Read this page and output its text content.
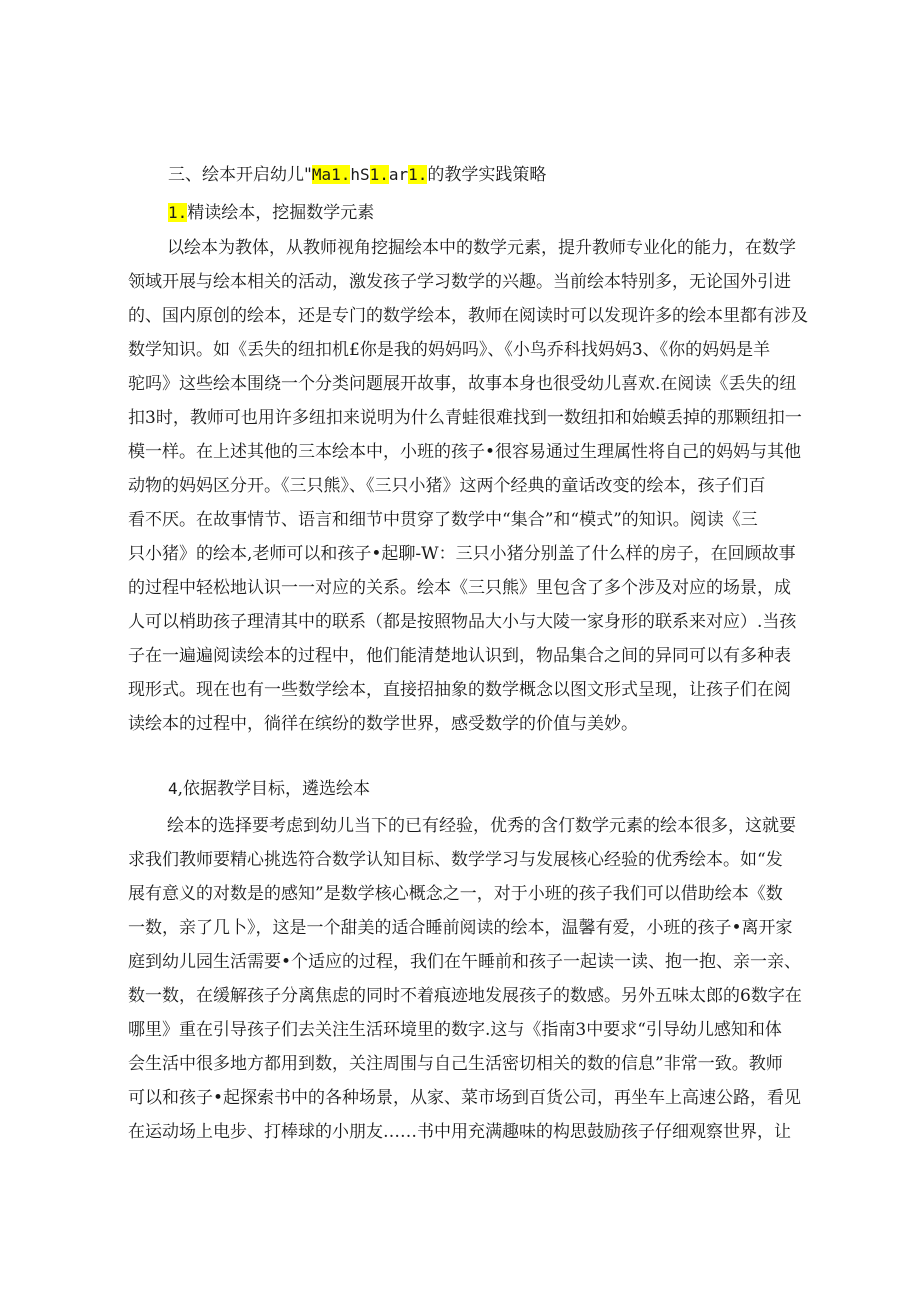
三、绘本开启幼儿"Ma1.hS1.ar1.的教学实践策略
1.精读绘本，挖掘数学元素
以绘本为教体，从教师视角挖掘绘本中的数学元素，提升教师专业化的能力，在数学
领域开展与绘本相关的活动，激发孩子学习数学的兴趣。当前绘本特别多，无论国外引进
的、国内原创的绘本，还是专门的数学绘本，教师在阅读时可以发现许多的绘本里都有涉及
数学知识。如《丢失的纽扣机£你是我的妈妈吗》、《小鸟乔科找妈妈3、《你的妈妈是羊
驼吗》这些绘本围绕一个分类问题展开故事，故事本身也很受幼儿喜欢.在阅读《丢失的纽
扣3时，教师可也用许多纽扣来说明为什么青蛙很难找到一数纽扣和始蟆丢掉的那颗纽扣一
模一样。在上述其他的三本绘本中，小班的孩子•很容易通过生理属性将自己的妈妈与其他
动物的妈妈区分开。《三只熊》、《三只小猪》这两个经典的童话改变的绘本，孩子们百
看不厌。在故事情节、语言和细节中贯穿了数学中“集合”和“模式”的知识。阅读《三
只小猪》的绘本,老师可以和孩子•起聊-W：三只小猪分别盖了什么样的房子，在回顾故事
的过程中轻松地认识一一对应的关系。绘本《三只熊》里包含了多个涉及对应的场景，成
人可以梢助孩子理清其中的联系（都是按照物品大小与大陵一家身形的联系来对应）.当孩
子在一遍遍阅读绘本的过程中，他们能清楚地认识到，物品集合之间的异同可以有多种表
现形式。现在也有一些数学绘本，直接招抽象的数学概念以图文形式呈现，让孩子们在阅
读绘本的过程中，徜徉在缤纷的数学世界，感受数学的价值与美妙。
4,依据教学目标，遴选绘本
绘本的选择要考虑到幼儿当下的已有经验，优秀的含仃数学元素的绘本很多，这就要
求我们教师要精心挑选符合数学认知目标、数学学习与发展核心经验的优秀绘本。如“发
展有意义的对数是的感知”是数学核心概念之一，对于小班的孩子我们可以借助绘本《数
一数，亲了几卜》，这是一个甜美的适合睡前阅读的绘本，温馨有爱，小班的孩子•离开家
庭到幼儿园生活需要•个适应的过程，我们在午睡前和孩子一起读一读、抱一抱、亲一亲、
数一数，在缓解孩子分离焦虑的同时不着痕迹地发展孩子的数感。另外五味太郎的6数字在
哪里》重在引导孩子们去关注生活环境里的数字.这与《指南3中要求“引导幼儿感知和体
会生活中很多地方都用到数，关注周围与自己生活密切相关的数的信息”非常一致。教师
可以和孩子•起探索书中的各种场景，从家、菜市场到百货公司，再坐车上高速公路，看见
在运动场上电步、打棒球的小朋友……书中用充满趣味的构思鼓励孩子仔细观察世界，让
